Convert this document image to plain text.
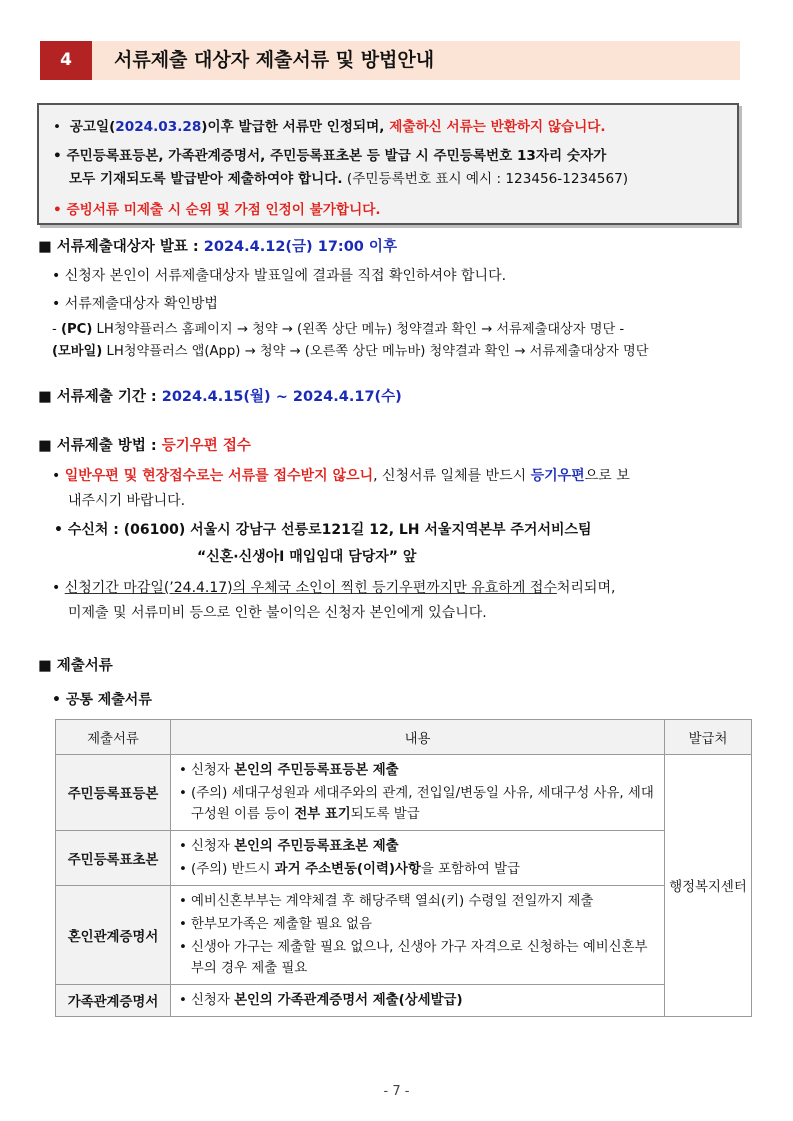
4	서류제출 대상자 제출서류 및 방법안내
• 공고일(2024.03.28)이후 발급한 서류만 인정되며, 제출하신 서류는 반환하지 않습니다.
• 주민등록표등본, 가족관계증명서, 주민등록표초본 등 발급 시 주민등록번호 13자리 숫자가
모두 기재되도록 발급받아 제출하여야 합니다. (주민등록번호 표시 예시 : 123456-1234567)
• 증빙서류 미제출 시 순위 및 가점 인정이 불가합니다.
■ 서류제출대상자 발표 : 2024.4.12(금) 17:00 이후
• 신청자 본인이 서류제출대상자 발표일에 결과를 직접 확인하셔야 합니다.
• 서류제출대상자 확인방법
- (PC) LH청약플러스 홈페이지 → 청약 → (왼쪽 상단 메뉴) 청약결과 확인 → 서류제출대상자 명단 -
(모바일) LH청약플러스 앱(App) → 청약 → (오른쪽 상단 메뉴바) 청약결과 확인 → 서류제출대상자 명단
■ 서류제출 기간 : 2024.4.15(월) ~ 2024.4.17(수)
■ 서류제출 방법 : 등기우편 접수
• 일반우편 및 현장접수로는 서류를 접수받지 않으니, 신청서류 일체를 반드시 등기우편으로 보
내주시기 바랍니다.
• 수신처 : (06100) 서울시 강남구 선릉로121길 12, LH 서울지역본부 주거서비스팀
“신혼·신생아Ⅰ 매입임대 담당자” 앞
• 신청기간 마감일(’24.4.17)의 우체국 소인이 찍힌 등기우편까지만 유효하게 접수처리되며,
미제출 및 서류미비 등으로 인한 불이익은 신청자 본인에게 있습니다.
■ 제출서류
• 공통 제출서류
제출서류	내용	발급처
주민등록표등본	• 신청자 본인의 주민등록표등본 제출
• (주의) 세대구성원과 세대주와의 관계, 전입일/변동일 사유, 세대구성 사유, 세대구성원 이름 등이 전부 표기되도록 발급	행정복지센터
주민등록표초본	• 신청자 본인의 주민등록표초본 제출
• (주의) 반드시 과거 주소변동(이력)사항을 포함하여 발급

혼인관계증명서	• 예비신혼부부는 계약체결 후 해당주택 열쇠(키) 수령일 전일까지 제출
• 한부모가족은 제출할 필요 없음
• 신생아 가구는 제출할 필요 없으나, 신생아 가구 자격으로 신청하는 예비신혼부부의 경우 제출 필요

가족관계증명서	• 신청자 본인의 가족관계증명서 제출(상세발급)
- 7 -
